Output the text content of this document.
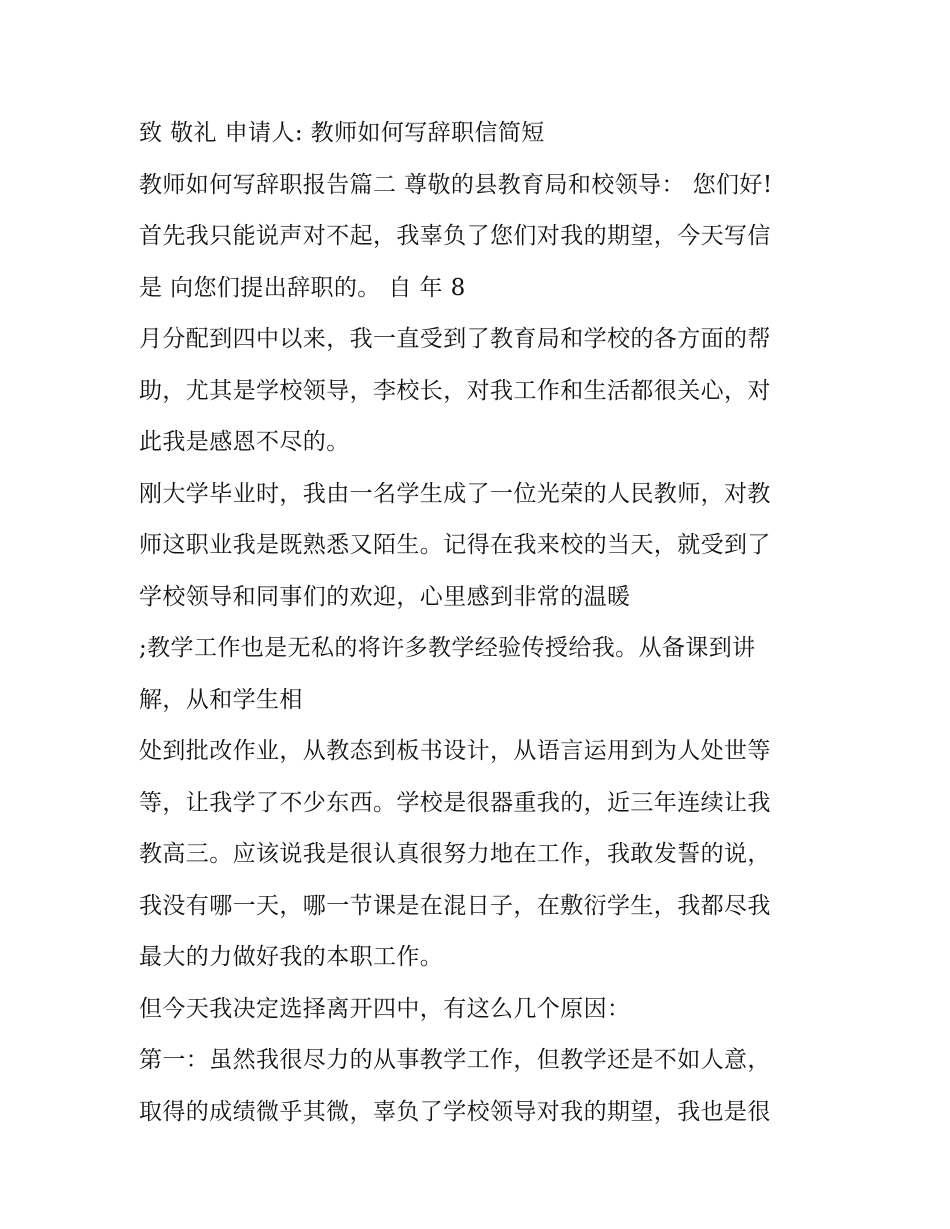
致 敬礼 申请人: 教师如何写辞职信简短
教师如何写辞职报告篇二 尊敬的县教育局和校领导： 您们好!
首先我只能说声对不起，我辜负了您们对我的期望，今天写信
是 向您们提出辞职的。 自 年 8
月分配到四中以来，我一直受到了教育局和学校的各方面的帮
助，尤其是学校领导，李校长，对我工作和生活都很关心，对
此我是感恩不尽的。
刚大学毕业时，我由一名学生成了一位光荣的人民教师，对教
师这职业我是既熟悉又陌生。记得在我来校的当天，就受到了
学校领导和同事们的欢迎，心里感到非常的温暖
;教学工作也是无私的将许多教学经验传授给我。从备课到讲
解，从和学生相
处到批改作业，从教态到板书设计，从语言运用到为人处世等
等，让我学了不少东西。学校是很器重我的，近三年连续让我
教高三。应该说我是很认真很努力地在工作，我敢发誓的说，
我没有哪一天，哪一节课是在混日子，在敷衍学生，我都尽我
最大的力做好我的本职工作。
但今天我决定选择离开四中，有这么几个原因：
第一：虽然我很尽力的从事教学工作，但教学还是不如人意，
取得的成绩微乎其微，辜负了学校领导对我的期望，我也是很
